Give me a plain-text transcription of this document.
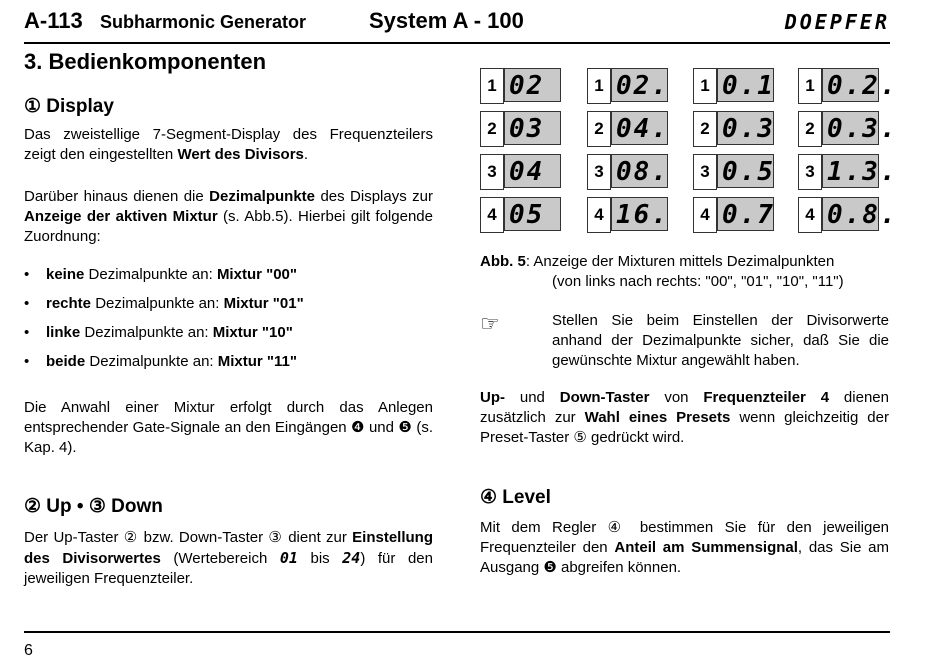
A-113 Subharmonic Generator	System A - 100	DOEPFER
3. Bedienkomponenten
① Display

Das zweistellige 7-Segment-Display des Frequenzteilers zeigt den eingestellten Wert des Divisors.

Darüber hinaus dienen die Dezimalpunkte des Displays zur Anzeige der aktiven Mixtur (s. Abb.5). Hierbei gilt folgende Zuordnung:

• keine Dezimalpunkte an: Mixtur "00"
• rechte Dezimalpunkte an: Mixtur "01"
• linke Dezimalpunkte an: Mixtur "10"
• beide Dezimalpunkte an: Mixtur "11"

Die Anwahl einer Mixtur erfolgt durch das Anlegen entsprechender Gate-Signale an den Eingängen ❹ und ❺ (s. Kap. 4).

② Up • ③ Down

Der Up-Taster ② bzw. Down-Taster ③ dient zur Einstellung des Divisorwertes (Wertebereich 01 bis 24) für den jeweiligen Frequenzteiler.

1 02
2 03
3 04
4 05
1 02.
2 04.
3 08.
4 16.
1 0.1
2 0.3
3 0.5
4 0.7
1 0.2.
2 0.3.
3 1.3.
4 0.8.

Abb. 5: Anzeige der Mixturen mittels Dezimalpunkten
(von links nach rechts: "00", "01", "10", "11")

Stellen Sie beim Einstellen der Divisorwerte anhand der Dezimalpunkte sicher, daß Sie die gewünschte Mixtur angewählt haben.

Up- und Down-Taster von Frequenzteiler 4 dienen zusätzlich zur Wahl eines Presets wenn gleichzeitig der Preset-Taster ⑤ gedrückt wird.

④ Level

Mit dem Regler ④ bestimmen Sie für den jeweiligen Frequenzteiler den Anteil am Summensignal, das Sie am Ausgang ❺ abgreifen können.

☞
6
